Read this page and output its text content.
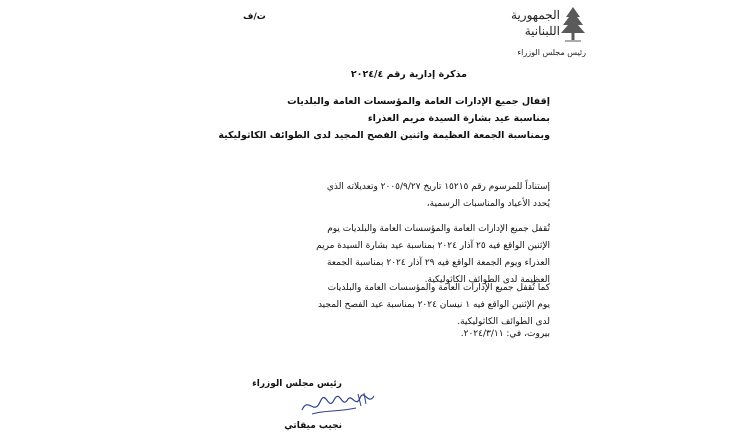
ت/ف	الجمهورية
اللبنانية
رئيس مجلس الوزراء
مذكرة إدارية رقم ٢٠٢٤/٤
إقفال جميع الإدارات العامة والمؤسسات العامة والبلديات
بمناسبة عيد بشارة السيدة مريم العذراء
وبمناسبة الجمعة العظيمة واثنين الفصح المجيد لدى الطوائف الكاثوليكية
إستناداً للمرسوم رقم ١٥٢١٥ تاريخ ٢٠٠٥/٩/٢٧ وتعديلاته الذي يُحدد الأعياد والمناسبات الرسمية،
تُقفل جميع الإدارات العامة والمؤسسات العامة والبلديات يوم الإثنين الواقع فيه ٢٥ آذار ٢٠٢٤ بمناسبة عيد بشارة السيدة مريم العذراء ويوم الجمعة الواقع فيه ٢٩ آذار ٢٠٢٤ بمناسبة الجمعة العظيمة لدى الطوائف الكاثوليكية.
كما تُقفل جميع الإدارات العامة والمؤسسات العامة والبلديات يوم الإثنين الواقع فيه ١ نيسان ٢٠٢٤ بمناسبة عيد الفصح المجيد لدى الطوائف الكاثوليكية.
بيروت، في: ٢٠٢٤/٣/١١.
رئيس مجلس الوزراء
نجيب ميقاتي
